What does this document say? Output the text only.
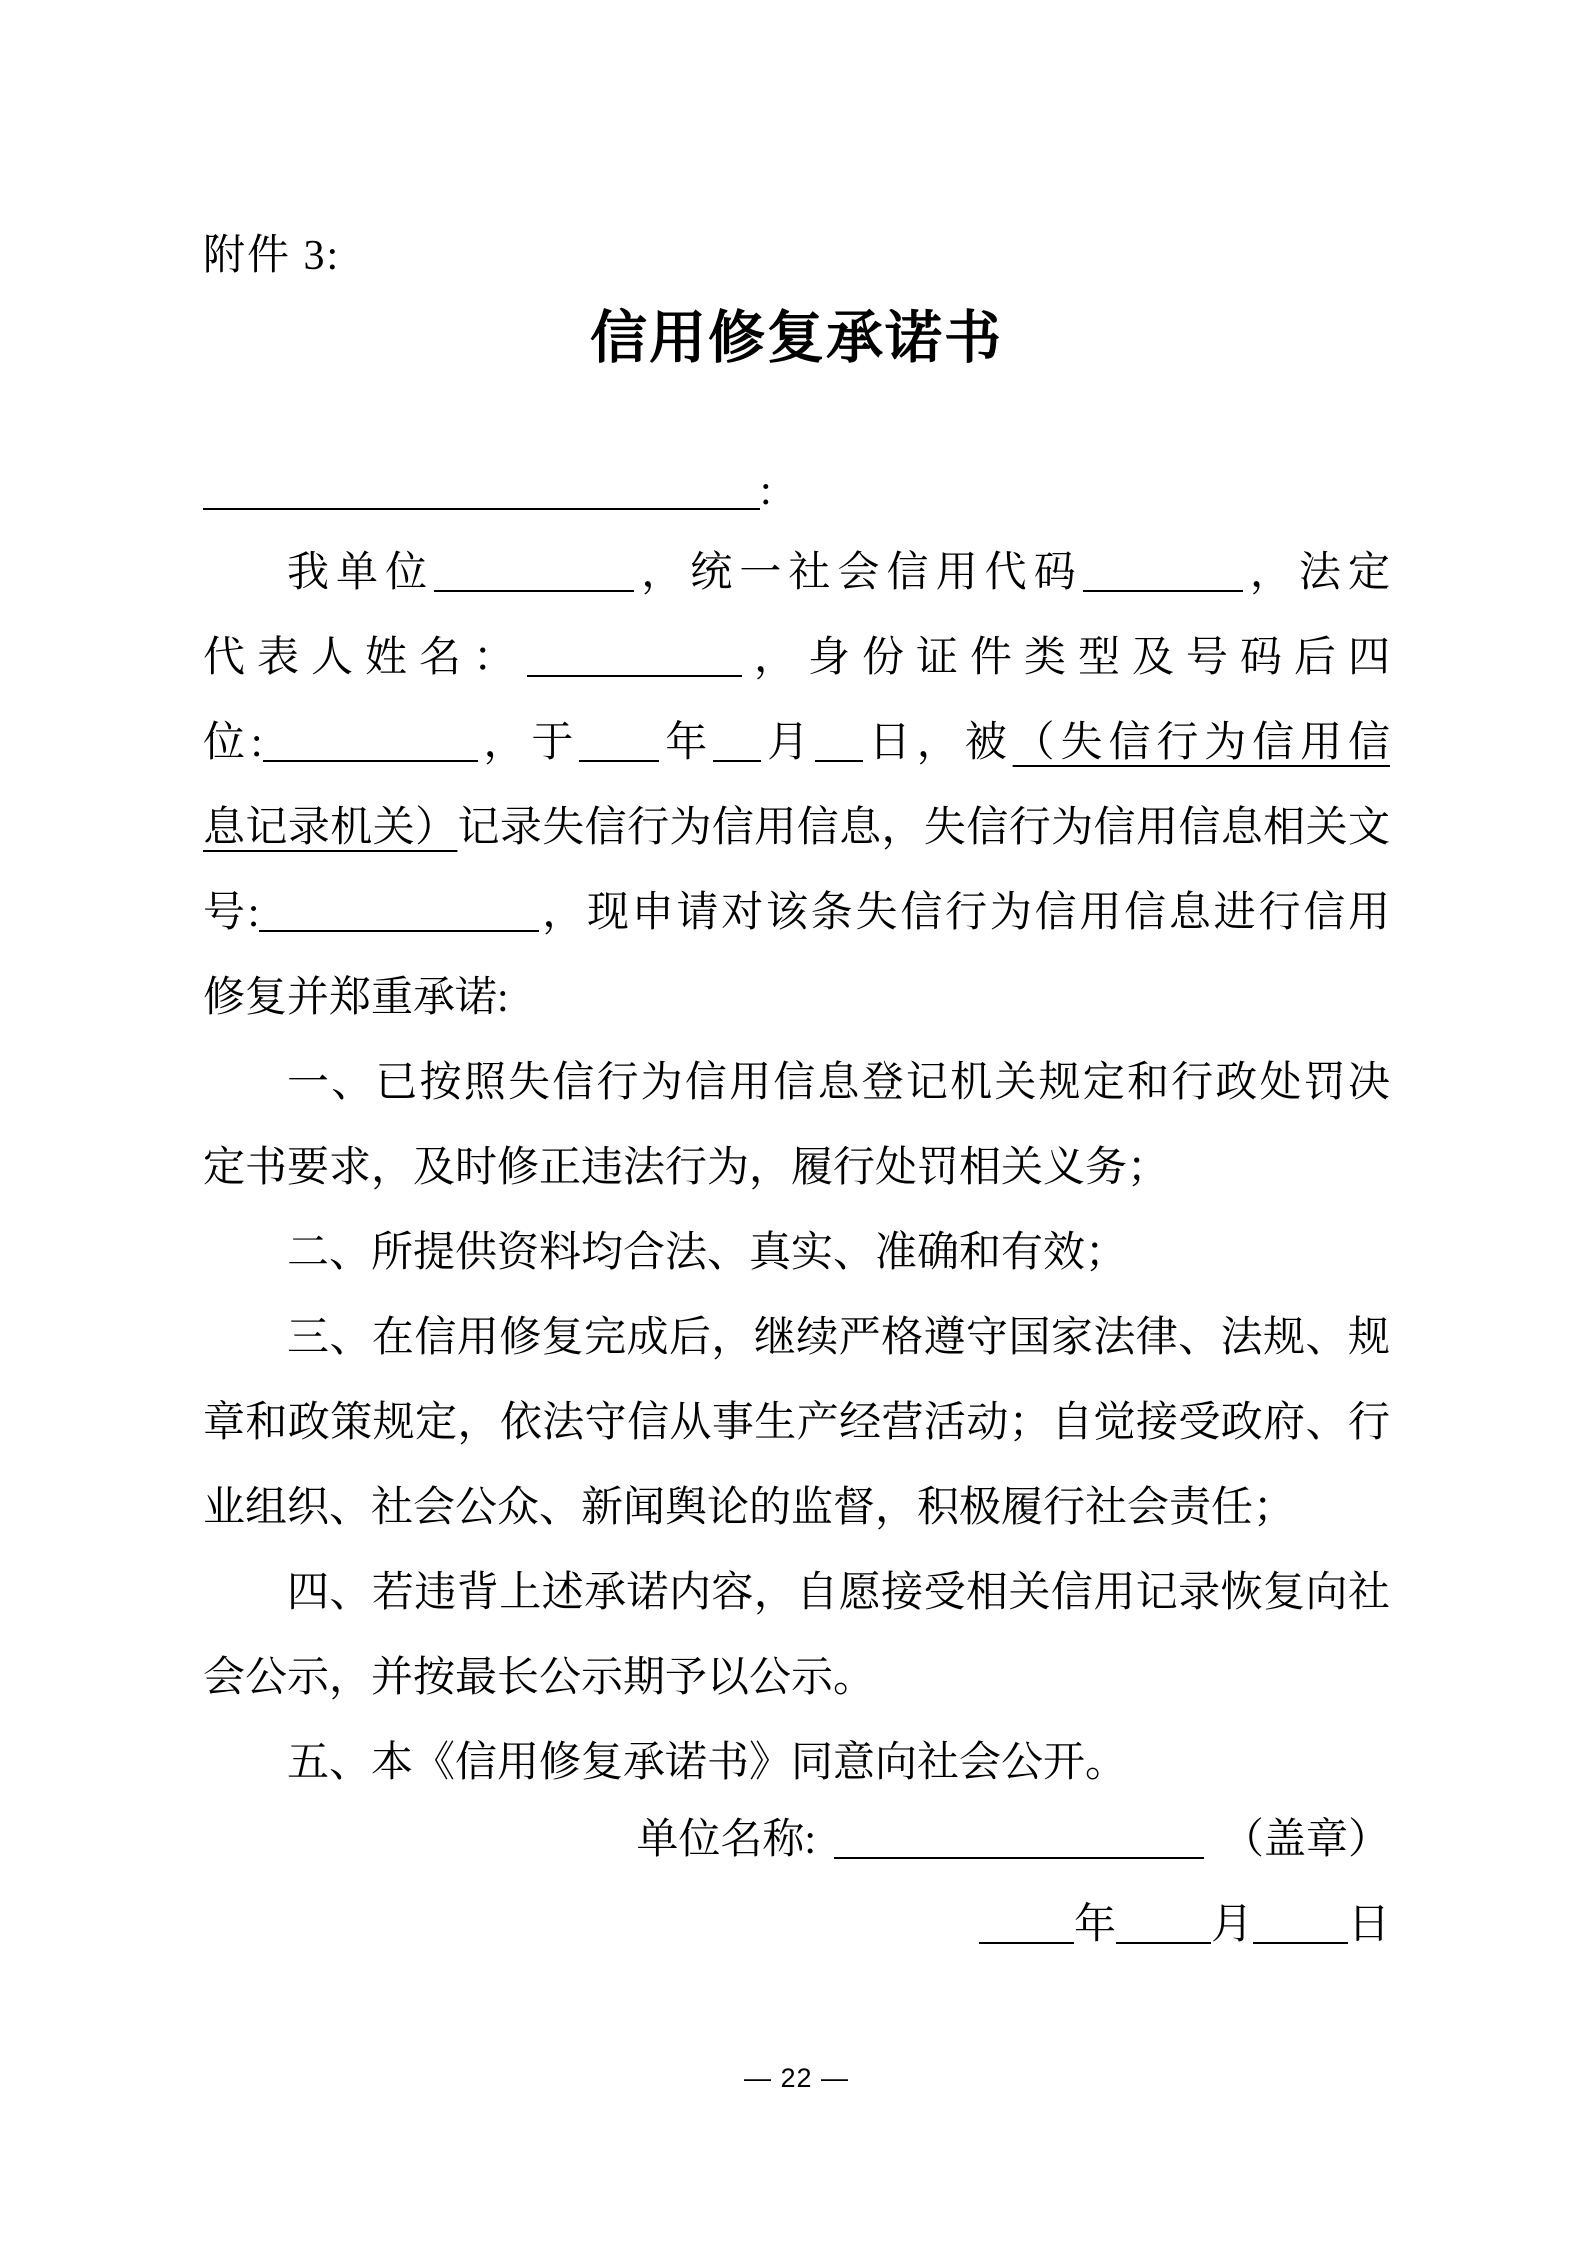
附件 3:
信用修复承诺书
:
我单位	，统一社会信用代码	，法定
代表人姓名：	，身份证件类型及号码后四
位:	，于 年 月 日，被（失信行为信用信
息记录机关）记录失信行为信用信息，失信行为信用信息相关文
号:	，现申请对该条失信行为信用信息进行信用
修复并郑重承诺:
一、已按照失信行为信用信息登记机关规定和行政处罚决
定书要求，及时修正违法行为，履行处罚相关义务；
二、所提供资料均合法、真实、准确和有效；
三、在信用修复完成后，继续严格遵守国家法律、法规、规
章和政策规定，依法守信从事生产经营活动；自觉接受政府、行
业组织、社会公众、新闻舆论的监督，积极履行社会责任；
四、若违背上述承诺内容，自愿接受相关信用记录恢复向社
会公示，并按最长公示期予以公示。
五、本《信用修复承诺书》同意向社会公开。
单位名称:	（盖章）
年 月 日
— 22 —
